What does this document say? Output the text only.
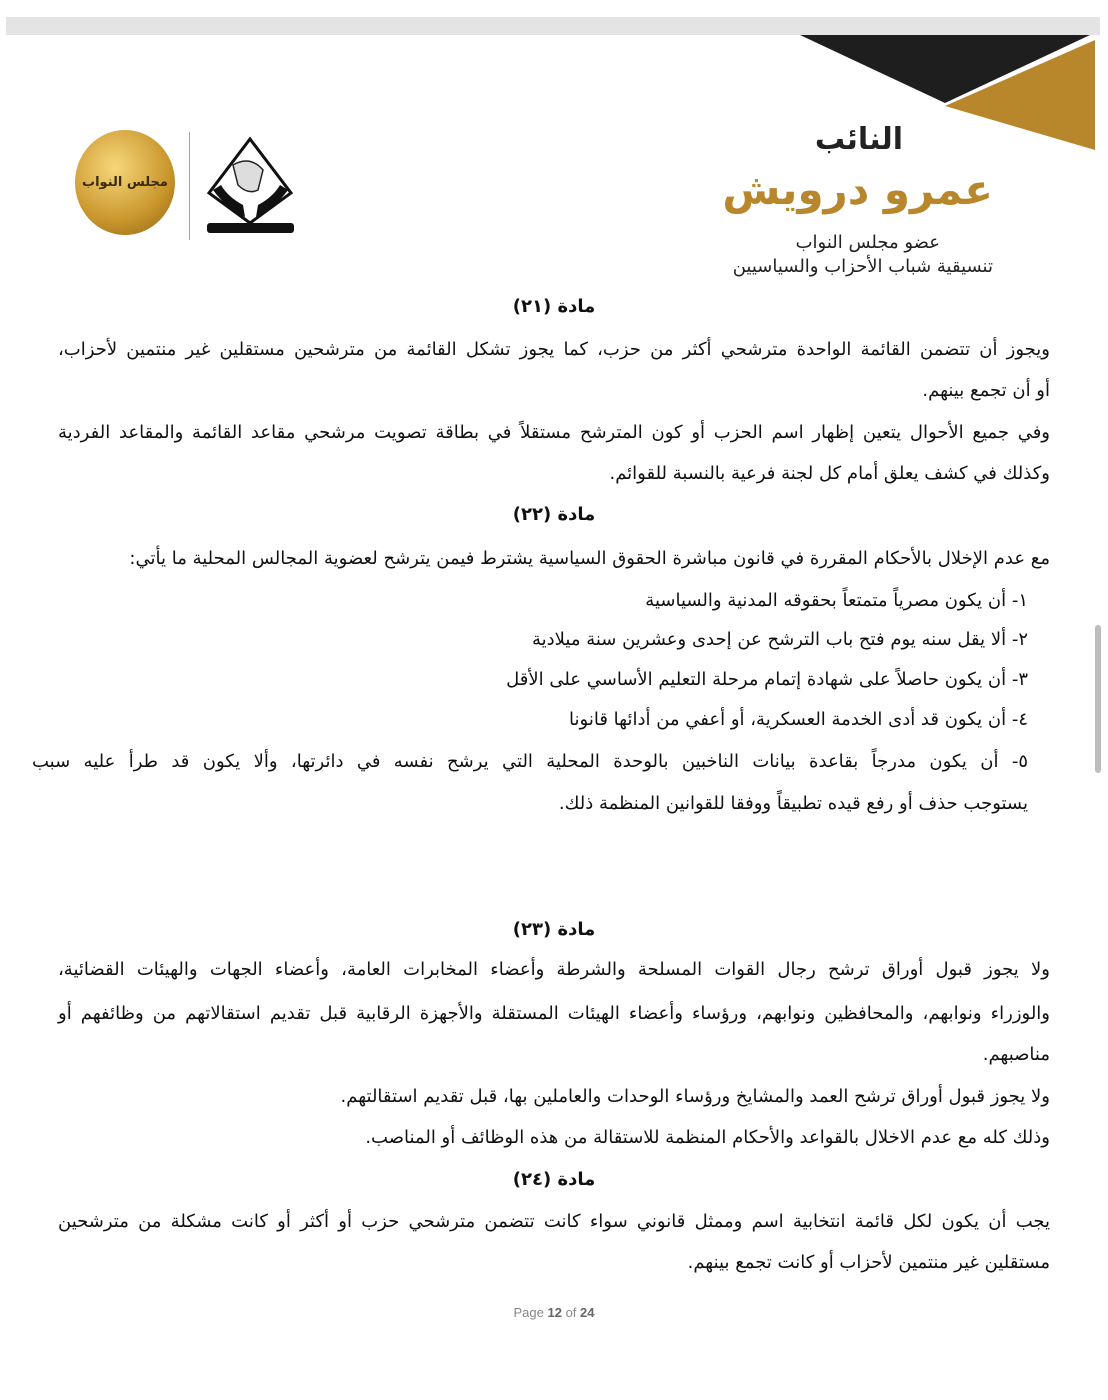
النائب
عمرو درويش
عضو مجلس النواب
تنسيقية شباب الأحزاب والسياسيين
مجلس النواب
مادة (٢١)
ويجوز أن تتضمن القائمة الواحدة مترشحي أكثر من حزب، كما يجوز تشكل القائمة من مترشحين مستقلين غير منتمين لأحزاب،
أو أن تجمع بينهم.
وفي جميع الأحوال يتعين إظهار اسم الحزب أو كون المترشح مستقلاً في بطاقة تصويت مرشحي مقاعد القائمة والمقاعد الفردية
وكذلك في كشف يعلق أمام كل لجنة فرعية بالنسبة للقوائم.
مادة (٢٢)
مع عدم الإخلال بالأحكام المقررة في قانون مباشرة الحقوق السياسية يشترط فيمن يترشح لعضوية المجالس المحلية ما يأتي:
١- أن يكون مصرياً متمتعاً بحقوقه المدنية والسياسية
٢- ألا يقل سنه يوم فتح باب الترشح عن إحدى وعشرين سنة ميلادية
٣- أن يكون حاصلاً على شهادة إتمام مرحلة التعليم الأساسي على الأقل
٤- أن يكون قد أدى الخدمة العسكرية، أو أعفي من أدائها قانونا
٥- أن يكون مدرجاً بقاعدة بيانات الناخبين بالوحدة المحلية التي يرشح نفسه في دائرتها، وألا يكون قد طرأ عليه سبب
يستوجب حذف أو رفع قيده تطبيقاً ووفقا للقوانين المنظمة ذلك.
مادة (٢٣)
ولا يجوز قبول أوراق ترشح رجال القوات المسلحة والشرطة وأعضاء المخابرات العامة، وأعضاء الجهات والهيئات القضائية،
والوزراء ونوابهم، والمحافظين ونوابهم، ورؤساء وأعضاء الهيئات المستقلة والأجهزة الرقابية قبل تقديم استقالاتهم من وظائفهم أو
مناصبهم.
ولا يجوز قبول أوراق ترشح العمد والمشايخ ورؤساء الوحدات والعاملين بها، قبل تقديم استقالتهم.
وذلك كله مع عدم الاخلال بالقواعد والأحكام المنظمة للاستقالة من هذه الوظائف أو المناصب.
مادة (٢٤)
يجب أن يكون لكل قائمة انتخابية اسم وممثل قانوني سواء كانت تتضمن مترشحي حزب أو أكثر أو كانت مشكلة من مترشحين
مستقلين غير منتمين لأحزاب أو كانت تجمع بينهم.
Page 12 of 24
